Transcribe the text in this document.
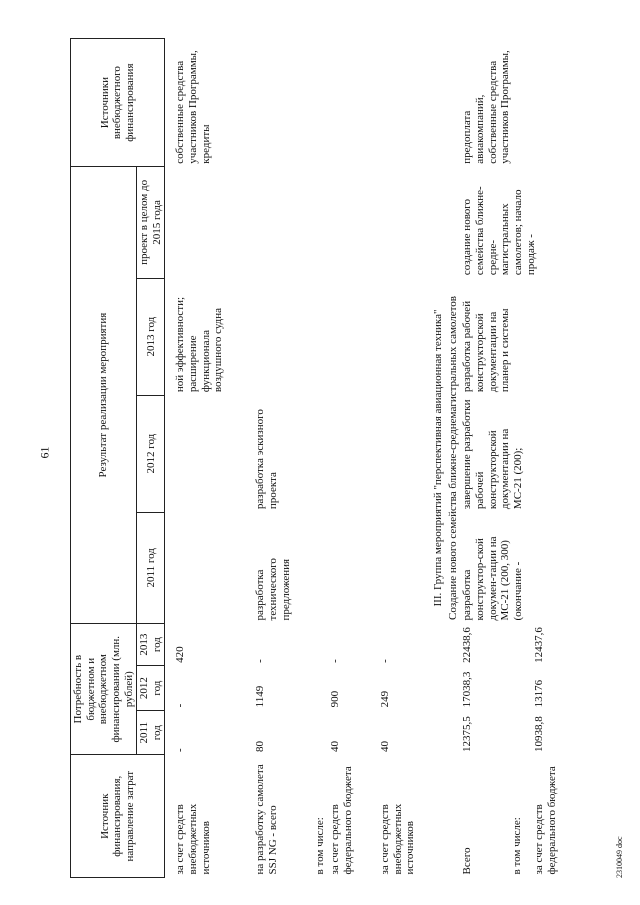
61
Источник финансирования, направление затрат	Потребность в бюджетном и внебюджетном финансировании (млн. рублей)			Результат реализации мероприятия				Источники внебюджетного финансирования
	2011 год	2012 год	2013 год	2011 год	2012 год	2013 год	проект в целом до 2015 года	

за счет средств внебюджетных источников	-	-	420			ной эффективности; расширение функционала воздушного судна		собственные средства участников Программы, кредиты
на разработку самолета SSJ NG - всего	80	1149	-	разработка технического предложения	разработка эскизного проекта			
в том числе:								
за счет средств федерального бюджета	40	900	-					
за счет средств внебюджетных источников	40	249	-					
III. Группа мероприятий "перспективная авиационная техника"								
Создание нового семейства ближне-среднемагистральных самолетов								
Всего	12375,5	17038,3	22438,6	разработка конструктор-ской докумен-тации на МС-21 (200, 300) (окончание -	завершение разработки рабочей конструкторской документации на МС-21 (200);	разработка рабочей конструкторской документации на планер и системы	создание нового семейства ближне-средне-магистральных самолетов; начало продаж -	предоплата авиакомпаний, собственные средства участников Программы,
в том числе:								
за счет средств федерального бюджета	10938,8	13176	12437,6					
2310049 doc
